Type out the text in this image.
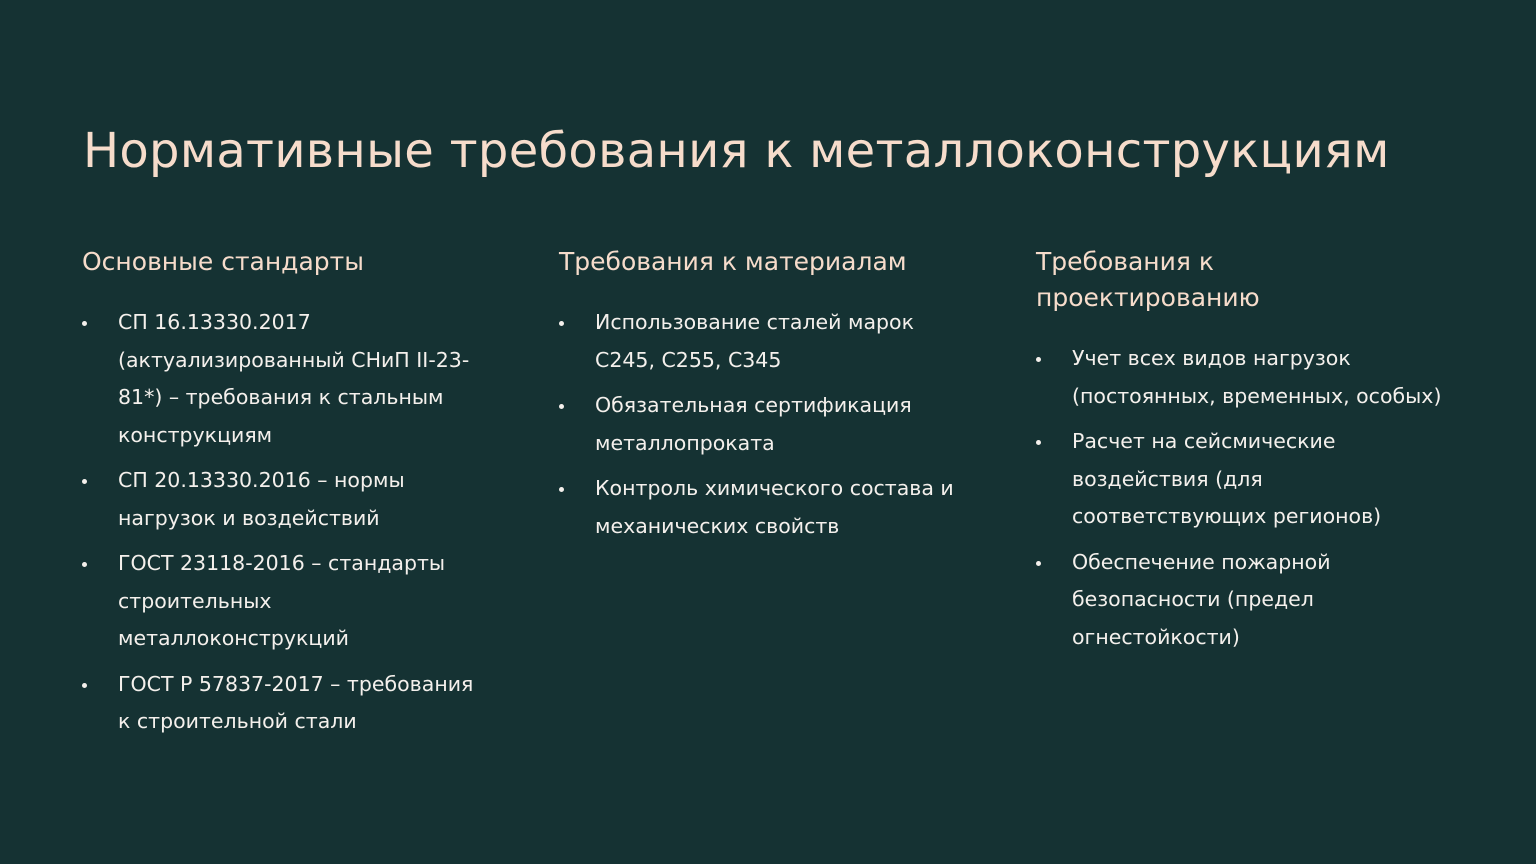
Нормативные требования к металлоконструкциям
Основные стандарты
СП 16.13330.2017 (актуализированный СНиП II-23-81*) – требования к стальным конструкциям
СП 20.13330.2016 – нормы нагрузок и воздействий
ГОСТ 23118-2016 – стандарты строительных металлоконструкций
ГОСТ Р 57837-2017 – требования к строительной стали
Требования к материалам
Использование сталей марок С245, С255, С345
Обязательная сертификация металлопроката
Контроль химического состава и механических свойств
Требования к проектированию
Учет всех видов нагрузок (постоянных, временных, особых)
Расчет на сейсмические воздействия (для соответствующих регионов)
Обеспечение пожарной безопасности (предел огнестойкости)
